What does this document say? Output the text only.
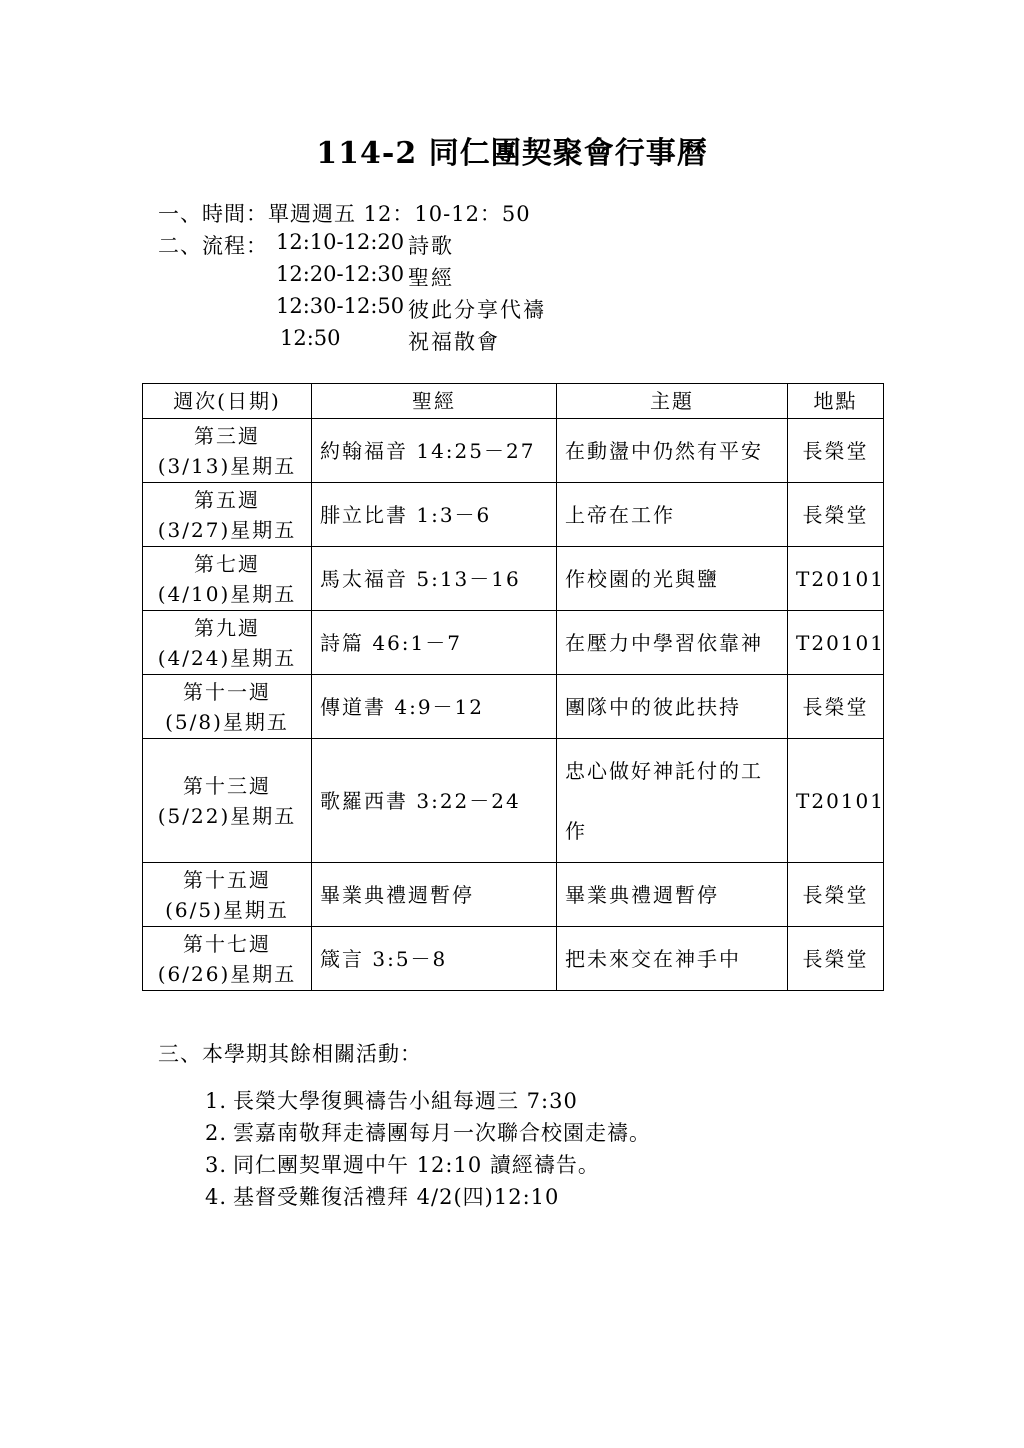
114-2 同仁團契聚會行事曆
一、時間：單週週五 12：10-12：50
二、流程： 12:10-12:20 詩歌
12:20-12:30 聖經
12:30-12:50 彼此分享代禱
12:50	祝福散會
週次(日期)	聖經	主題	地點

第三週
(3/13)星期五	約翰福音 14:25－27	在動盪中仍然有平安	長榮堂

第五週
(3/27)星期五	腓立比書 1:3－6	上帝在工作	長榮堂

第七週
(4/10)星期五	馬太福音 5:13－16	作校園的光與鹽	T20101

第九週
(4/24)星期五	詩篇 46:1－7	在壓力中學習依靠神	T20101

第十一週
(5/8)星期五	傳道書 4:9－12	團隊中的彼此扶持	長榮堂

第十三週
(5/22)星期五	歌羅西書 3:22－24	忠心做好神託付的工作	T20101

第十五週
(6/5)星期五	畢業典禮週暫停	畢業典禮週暫停	長榮堂

第十七週
(6/26)星期五	箴言 3:5－8	把未來交在神手中	長榮堂
三、本學期其餘相關活動：
1. 長榮大學復興禱告小組每週三 7:30
2. 雲嘉南敬拜走禱團每月一次聯合校園走禱。
3. 同仁團契單週中午 12:10 讀經禱告。
4. 基督受難復活禮拜 4/2(四)12:10
